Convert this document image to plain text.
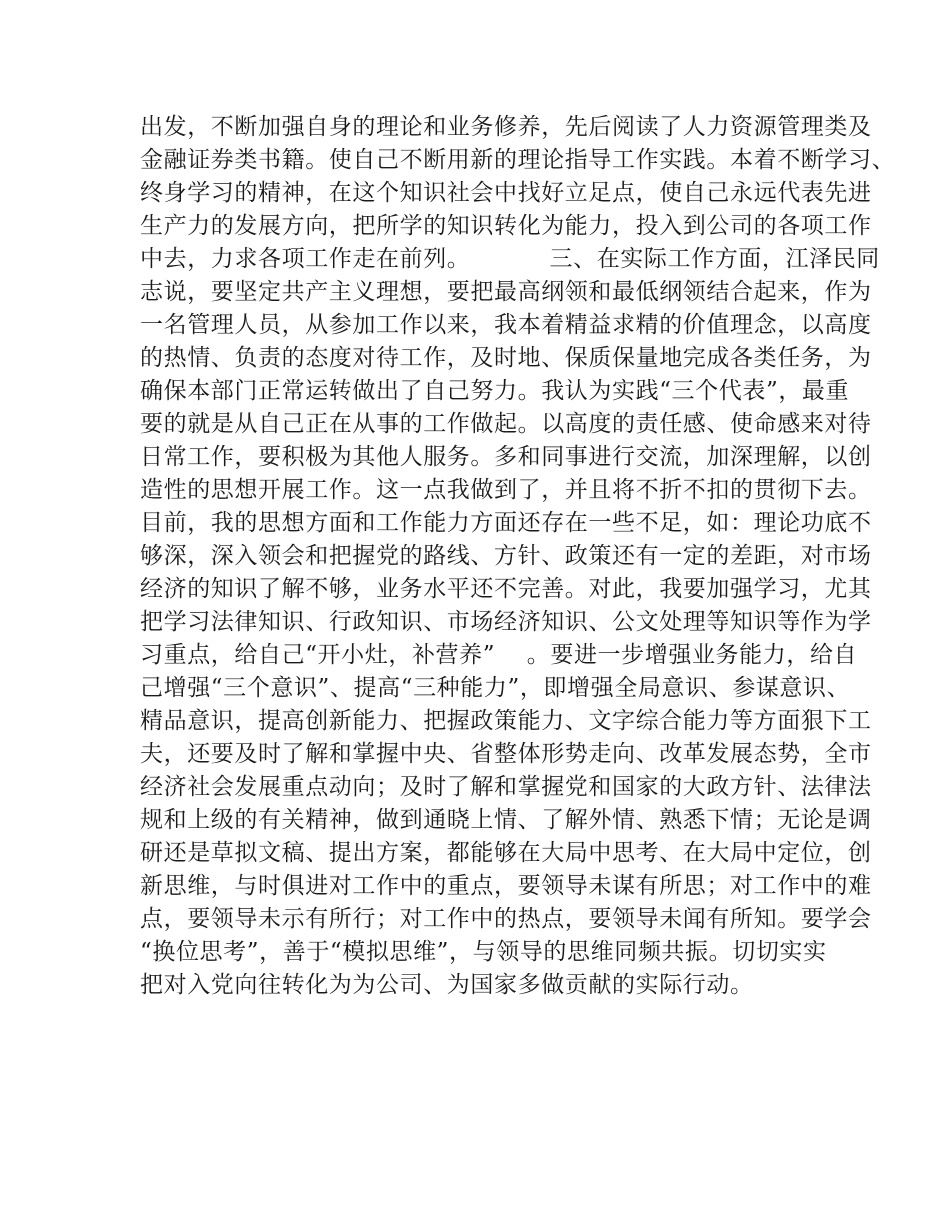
出发，不断加强自身的理论和业务修养，先后阅读了人力资源管理类及
金融证券类书籍。使自己不断用新的理论指导工作实践。本着不断学习、
终身学习的精神，在这个知识社会中找好立足点，使自己永远代表先进
生产力的发展方向，把所学的知识转化为能力，投入到公司的各项工作
中去，力求各项工作走在前列。          三、在实际工作方面，江泽民同
志说，要坚定共产主义理想，要把最高纲领和最低纲领结合起来，作为
一名管理人员，从参加工作以来，我本着精益求精的价值理念，以高度
的热情、负责的态度对待工作，及时地、保质保量地完成各类任务，为
确保本部门正常运转做出了自己努力。我认为实践“三个代表”，最重
要的就是从自己正在从事的工作做起。以高度的责任感、使命感来对待
日常工作，要积极为其他人服务。多和同事进行交流，加深理解，以创
造性的思想开展工作。这一点我做到了，并且将不折不扣的贯彻下去。
目前，我的思想方面和工作能力方面还存在一些不足，如：理论功底不
够深，深入领会和把握党的路线、方针、政策还有一定的差距，对市场
经济的知识了解不够，业务水平还不完善。对此，我要加强学习，尤其
把学习法律知识、行政知识、市场经济知识、公文处理等知识等作为学
习重点，给自己“开小灶，补营养”    。要进一步增强业务能力，给自
己增强“三个意识”、提高“三种能力”，即增强全局意识、参谋意识、
精品意识，提高创新能力、把握政策能力、文字综合能力等方面狠下工
夫，还要及时了解和掌握中央、省整体形势走向、改革发展态势，全市
经济社会发展重点动向；及时了解和掌握党和国家的大政方针、法律法
规和上级的有关精神，做到通晓上情、了解外情、熟悉下情；无论是调
研还是草拟文稿、提出方案，都能够在大局中思考、在大局中定位，创
新思维，与时俱进对工作中的重点，要领导未谋有所思；对工作中的难
点，要领导未示有所行；对工作中的热点，要领导未闻有所知。要学会
“换位思考”，善于“模拟思维”，与领导的思维同频共振。切切实实
把对入党向往转化为为公司、为国家多做贡献的实际行动。
